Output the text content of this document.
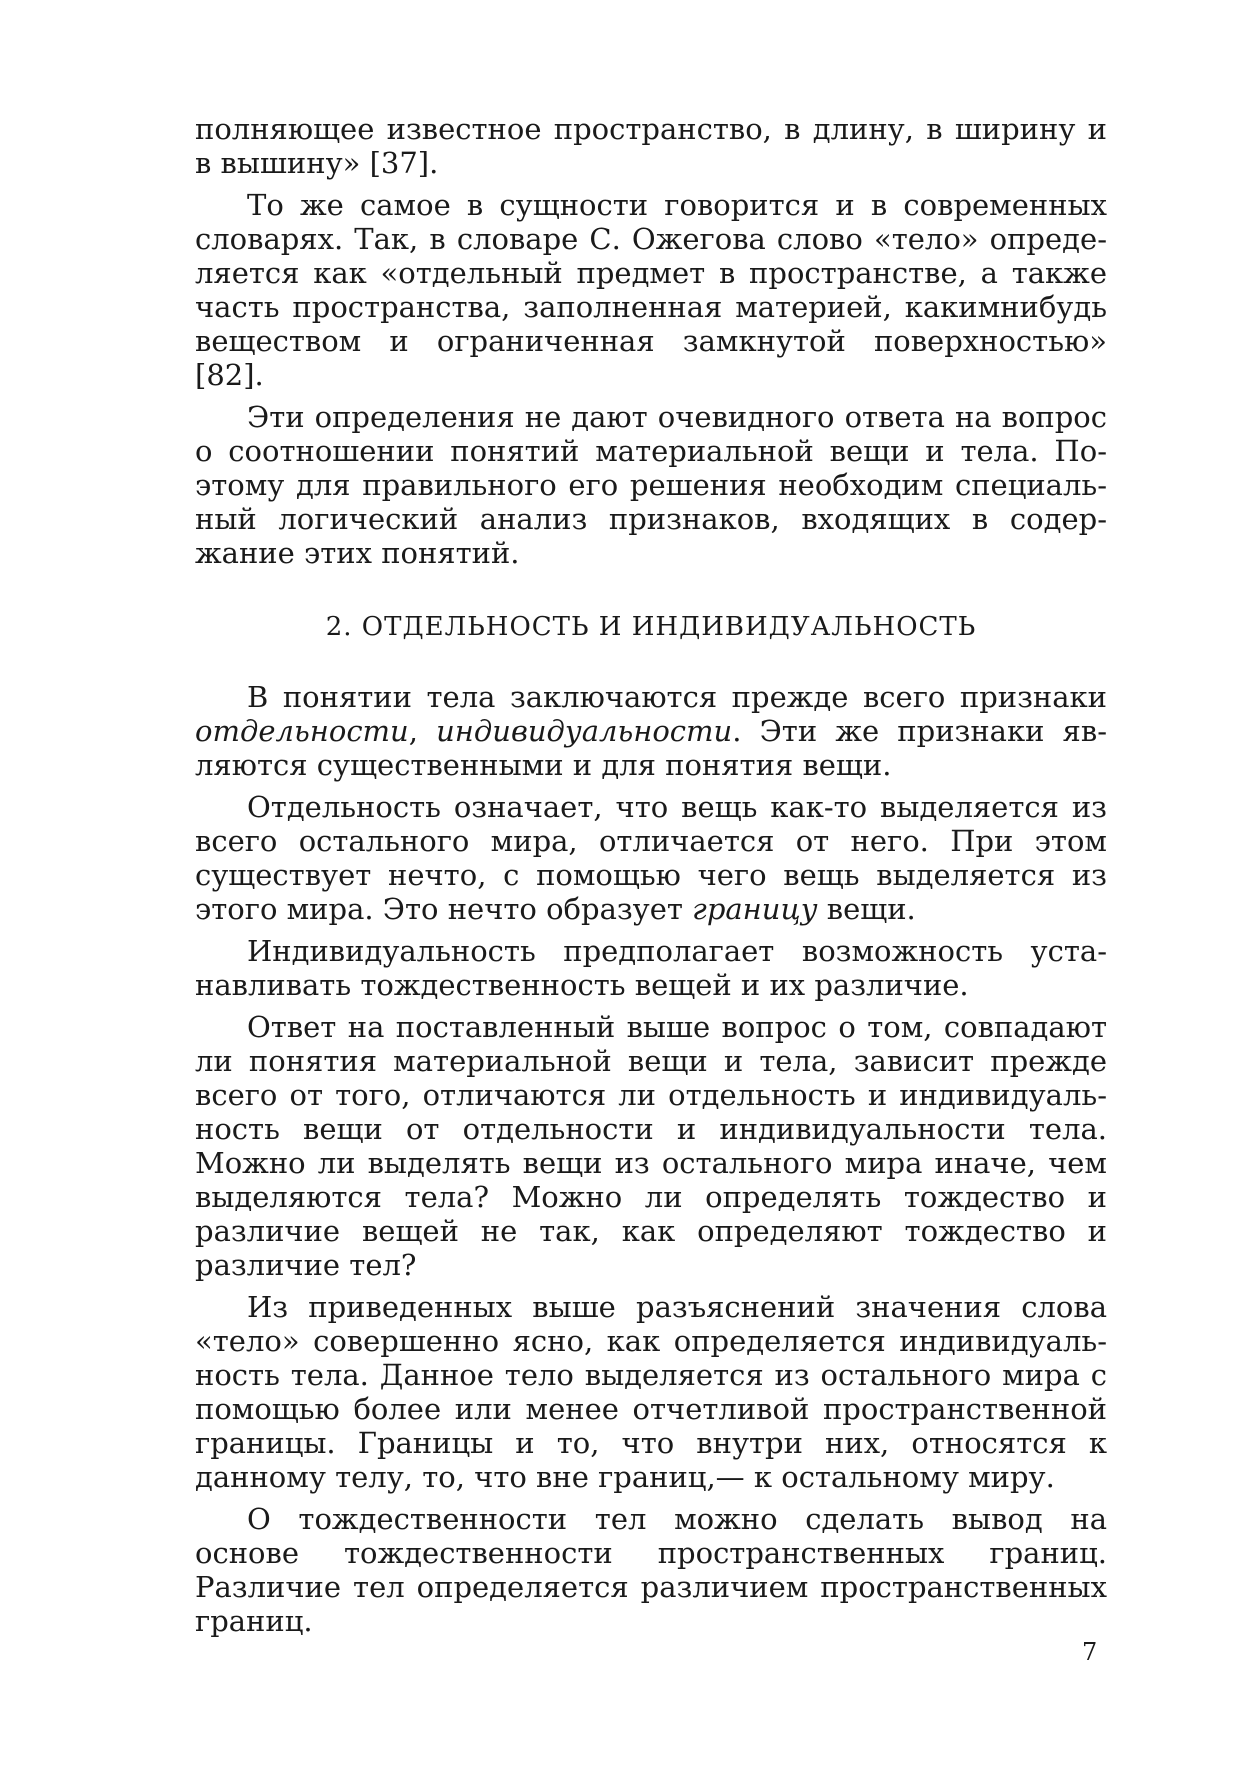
полняющее известное пространство, в длину, в ширину и в вышину» [37].

То же самое в сущности говорится и в современных словарях. Так, в словаре С. Ожегова слово «тело» определяется как «отдельный предмет в пространстве, а также часть пространства, заполненная материей, какимнибудь веществом и ограниченная замкнутой поверхностью» [82].

Эти определения не дают очевидного ответа на вопрос о соотношении понятий материальной вещи и тела. Поэтому для правильного его решения необходим специальный логический анализ признаков, входящих в содержание этих понятий.

2. ОТДЕЛЬНОСТЬ И ИНДИВИДУАЛЬНОСТЬ

В понятии тела заключаются прежде всего признаки отдельности, индивидуальности. Эти же признаки являются существенными и для понятия вещи.

Отдельность означает, что вещь как-то выделяется из всего остального мира, отличается от него. При этом существует нечто, с помощью чего вещь выделяется из этого мира. Это нечто образует границу вещи.

Индивидуальность предполагает возможность устанавливать тождественность вещей и их различие.

Ответ на поставленный выше вопрос о том, совпадают ли понятия материальной вещи и тела, зависит прежде всего от того, отличаются ли отдельность и индивидуальность вещи от отдельности и индивидуальности тела. Можно ли выделять вещи из остального мира иначе, чем выделяются тела? Можно ли определять тождество и различие вещей не так, как определяют тождество и различие тел?

Из приведенных выше разъяснений значения слова «тело» совершенно ясно, как определяется индивидуальность тела. Данное тело выделяется из остального мира с помощью более или менее отчетливой пространственной границы. Границы и то, что внутри них, относятся к данному телу, то, что вне границ,— к остальному миру.

О тождественности тел можно сделать вывод на основе тождественности пространственных границ. Различие тел определяется различием пространственных границ.

7
